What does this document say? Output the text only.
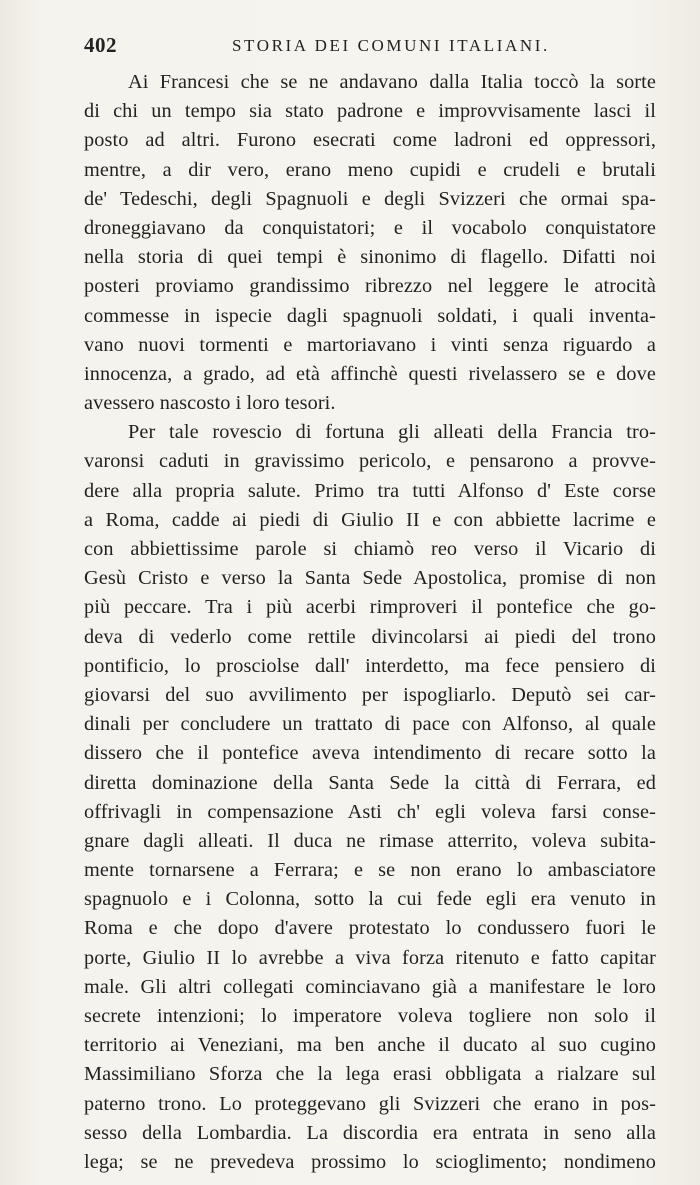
402	STORIA DEI COMUNI ITALIANI.
Ai Francesi che se ne andavano dalla Italia toccò la sorte
di chi un tempo sia stato padrone e improvvisamente lasci il
posto ad altri. Furono esecrati come ladroni ed oppressori,
mentre, a dir vero, erano meno cupidi e crudeli e brutali
de' Tedeschi, degli Spagnuoli e degli Svizzeri che ormai spa-
droneggiavano da conquistatori; e il vocabolo conquistatore
nella storia di quei tempi è sinonimo di flagello. Difatti noi
posteri proviamo grandissimo ribrezzo nel leggere le atrocità
commesse in ispecie dagli spagnuoli soldati, i quali inventa-
vano nuovi tormenti e martoriavano i vinti senza riguardo a
innocenza, a grado, ad età affinchè questi rivelassero se e dove
avessero nascosto i loro tesori.
Per tale rovescio di fortuna gli alleati della Francia tro-
varonsi caduti in gravissimo pericolo, e pensarono a provve-
dere alla propria salute. Primo tra tutti Alfonso d' Este corse
a Roma, cadde ai piedi di Giulio II e con abbiette lacrime e
con abbiettissime parole si chiamò reo verso il Vicario di
Gesù Cristo e verso la Santa Sede Apostolica, promise di non
più peccare. Tra i più acerbi rimproveri il pontefice che go-
deva di vederlo come rettile divincolarsi ai piedi del trono
pontificio, lo prosciolse dall' interdetto, ma fece pensiero di
giovarsi del suo avvilimento per ispogliarlo. Deputò sei car-
dinali per concludere un trattato di pace con Alfonso, al quale
dissero che il pontefice aveva intendimento di recare sotto la
diretta dominazione della Santa Sede la città di Ferrara, ed
offrivagli in compensazione Asti ch' egli voleva farsi conse-
gnare dagli alleati. Il duca ne rimase atterrito, voleva subita-
mente tornarsene a Ferrara; e se non erano lo ambasciatore
spagnuolo e i Colonna, sotto la cui fede egli era venuto in
Roma e che dopo d'avere protestato lo condussero fuori le
porte, Giulio II lo avrebbe a viva forza ritenuto e fatto capitar
male. Gli altri collegati cominciavano già a manifestare le loro
secrete intenzioni; lo imperatore voleva togliere non solo il
territorio ai Veneziani, ma ben anche il ducato al suo cugino
Massimiliano Sforza che la lega erasi obbligata a rialzare sul
paterno trono. Lo proteggevano gli Svizzeri che erano in pos-
sesso della Lombardia. La discordia era entrata in seno alla
lega; se ne prevedeva prossimo lo scioglimento; nondimeno
